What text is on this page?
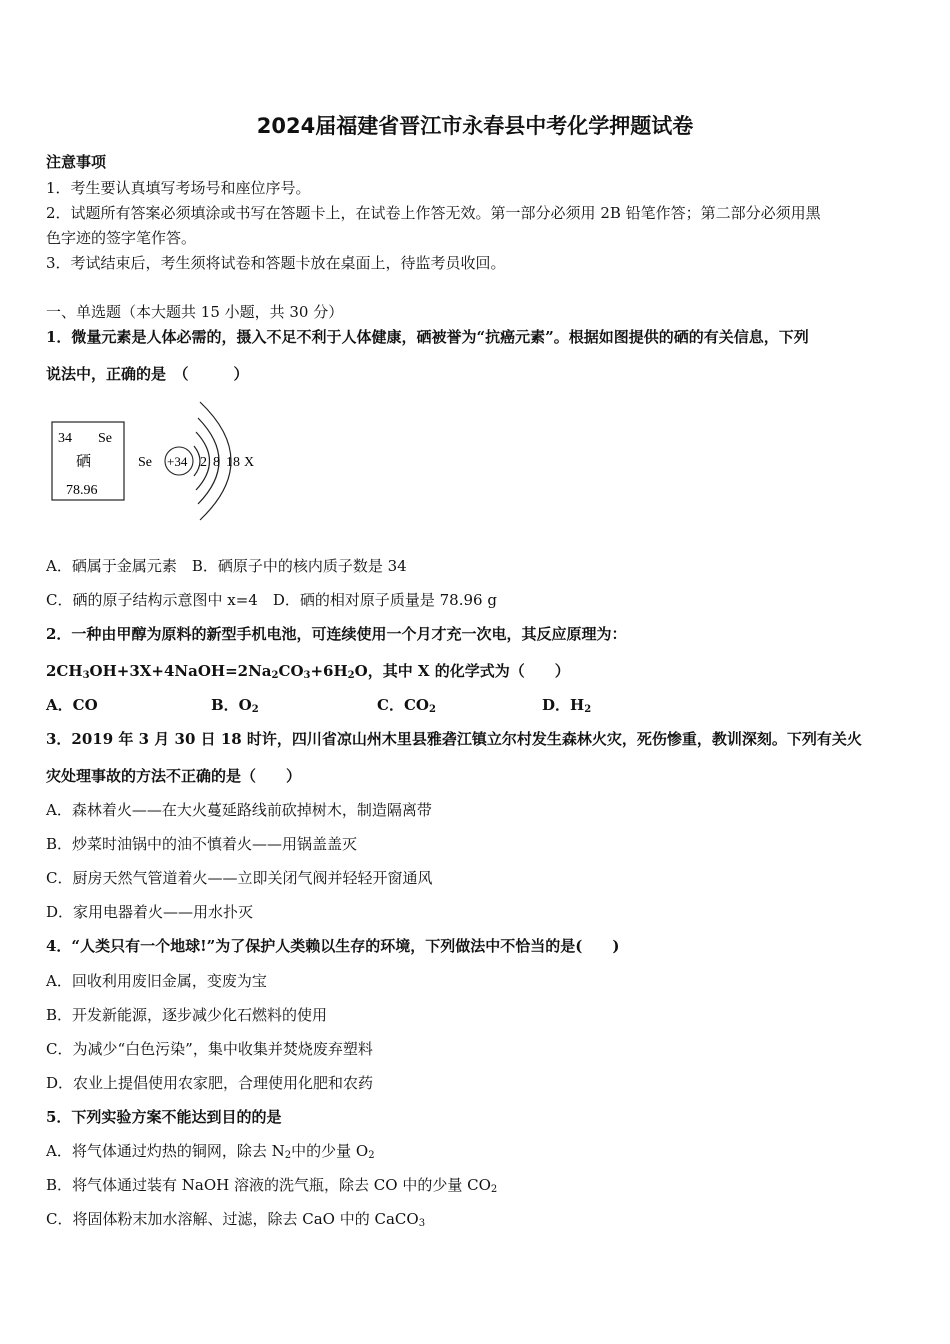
2024届福建省晋江市永春县中考化学押题试卷
注意事项
1．考生要认真填写考场号和座位序号。
2．试题所有答案必须填涂或书写在答题卡上，在试卷上作答无效。第一部分必须用 2B 铅笔作答；第二部分必须用黑
色字迹的签字笔作答。
3．考试结束后，考生须将试卷和答题卡放在桌面上，待监考员收回。
一、单选题（本大题共 15 小题，共 30 分）
1．微量元素是人体必需的，摄入不足不利于人体健康，硒被誉为“抗癌元素”。根据如图提供的硒的有关信息，下列
说法中，正确的是　（　　　）
34 Se
硒
78.96
Se +34 2 8 18 X
A．硒属于金属元素　B．硒原子中的核内质子数是 34
C．硒的原子结构示意图中 x=4　D．硒的相对原子质量是 78.96 g
2．一种由甲醇为原料的新型手机电池，可连续使用一个月才充一次电，其反应原理为：
$2CH_3OH+3X+4NaOH=2Na_2CO_3+6H_2O$，其中 X 的化学式为（　　）
A．CO	B．$O_2$	C．$CO_2$	D．$H_2$
3．2019 年 3 月 30 日 18 时许，四川省凉山州木里县雅砻江镇立尔村发生森林火灾，死伤惨重，教训深刻。下列有关火
灾处理事故的方法不正确的是（　　）
A．森林着火——在大火蔓延路线前砍掉树木，制造隔离带
B．炒菜时油锅中的油不慎着火——用锅盖盖灭
C．厨房天然气管道着火——立即关闭气阀并轻轻开窗通风
D．家用电器着火——用水扑灭
4．“人类只有一个地球!”为了保护人类赖以生存的环境，下列做法中不恰当的是(　　)
A．回收利用废旧金属，变废为宝
B．开发新能源，逐步减少化石燃料的使用
C．为减少“白色污染”，集中收集并焚烧废弃塑料
D．农业上提倡使用农家肥，合理使用化肥和农药
5．下列实验方案不能达到目的的是
A．将气体通过灼热的铜网，除去 $N_2$中的少量 $O_2$
B．将气体通过装有 NaOH 溶液的洗气瓶，除去 CO 中的少量 $CO_2$
C．将固体粉末加水溶解、过滤，除去 CaO 中的 CaCO$_3$
